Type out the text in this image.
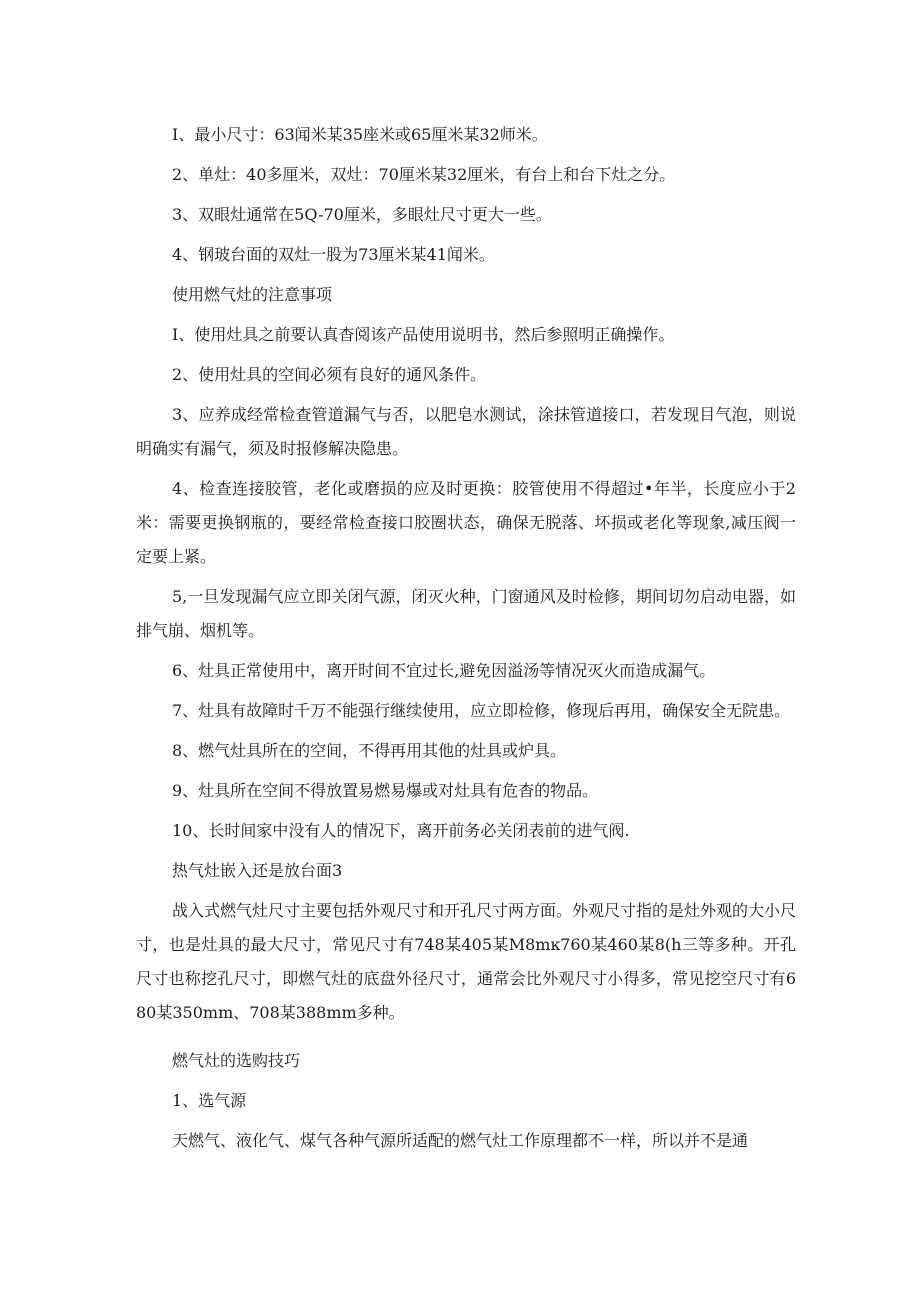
I、最小尺寸：63闻米某35座米或65厘米某32师米。

2、单灶：40多厘米，双灶：70厘米某32厘米，有台上和台下灶之分。

3、双眼灶通常在5Q-70厘米，多眼灶尺寸更大一些。

4、钢玻台面的双灶一股为73厘米某41闻米。

使用燃气灶的注意事项

I、使用灶具之前要认真杳阅该产品使用说明书，然后参照明正确操作。

2、使用灶具的空间必须有良好的通风条件。

3、应养成经常检查管道漏气与否，以肥皂水测试，涂抹管道接口，若发现目气泡，则说明确实有漏气，须及时报修解决隐患。

4、检查连接胶管，老化或磨损的应及时更换：胶管使用不得超过•年半，长度应小于2米：需要更换钢瓶的，要经常检查接口胶圈状态，确保无脱落、坏损或老化等现象,减压阀一定要上紧。

5,一旦发现漏气应立即关闭气源，闭灭火种，门窗通风及时检修，期间切勿启动电器，如排气崩、烟机等。

6、灶具正常使用中，离开时间不宜过长,避免因溢汤等情况灭火而造成漏气。

7、灶具有故障时千万不能强行继续使用，应立即检修，修现后再用，确保安全无院患。

8、燃气灶具所在的空间，不得再用其他的灶具或炉具。

9、灶具所在空间不得放置易燃易爆或对灶具有危杳的物品。

10、长时间家中没有人的情况下，离开前务必关闭表前的进气阀.

热气灶嵌入还是放台面3

战入式燃气灶尺寸主要包括外观尺寸和开孔尺寸两方面。外观尺寸指的是灶外观的大小尺寸，也是灶具的最大尺寸，常见尺寸有748某405某M8mĸ760某460某8(h三等多种。开孔尺寸也称挖孔尺寸，即燃气灶的底盘外径尺寸，通常会比外观尺寸小得多，常见挖空尺寸有680某350mm、708某388mm多种。

燃气灶的选购技巧

1、选气源

天燃气、液化气、煤气各种气源所适配的燃气灶工作原理都不一样，所以并不是通
